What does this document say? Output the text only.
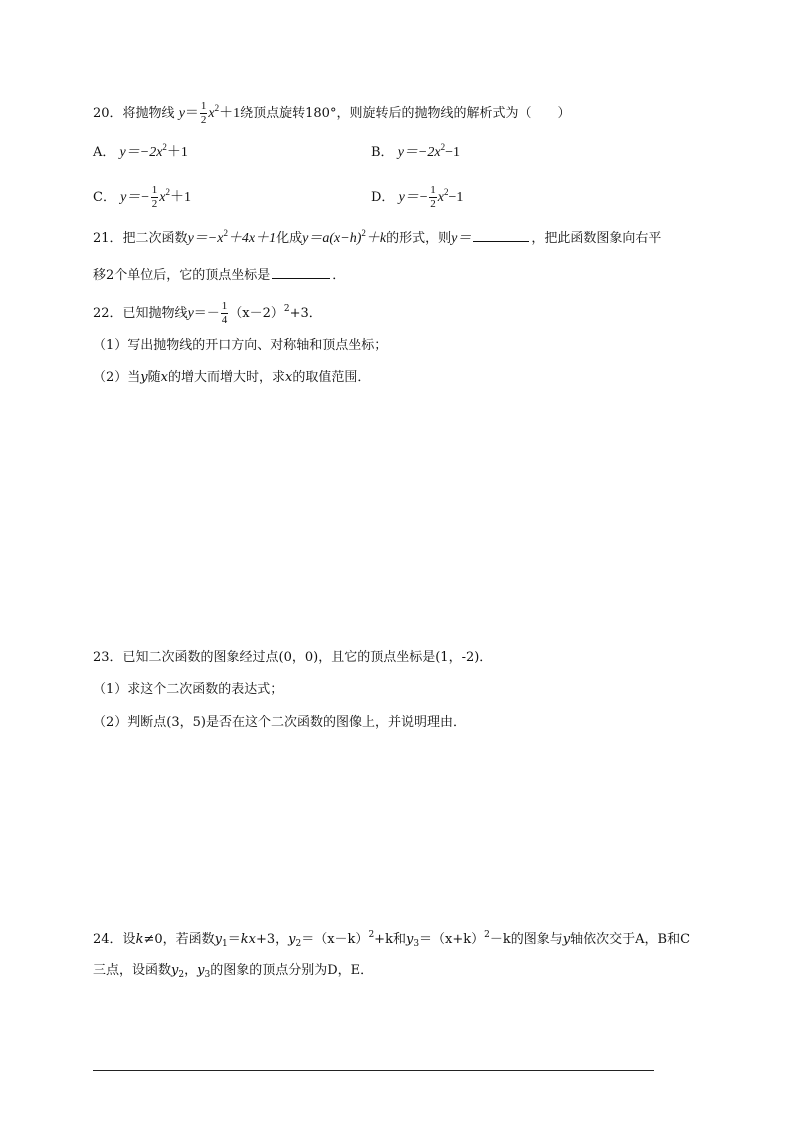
20．将抛物线 $y= \frac{1}{2} x^2+1$绕顶点旋转180°，则旋转后的抛物线的解析式为（　　）
A． $y=-2x^2+1$	B． $y=-2x^2-1$
C． $y=- \frac{1}{2} x^2+1$	D． $y=- \frac{1}{2} x^2-1$
21．把二次函数$y=-x^2+4x+1$化成$y=a(x-h)^2+k$的形式，则y＝	，把此函数图象向右平
移2个单位后，它的顶点坐标是	．
22．已知抛物线$y=- \frac{1}{4} (x-2)^2+3$．
（1）写出抛物线的开口方向、对称轴和顶点坐标；
（2）当y随x的增大而增大时，求x的取值范围．
23．已知二次函数的图象经过点(0，0)，且它的顶点坐标是(1，-2)．
（1）求这个二次函数的表达式；
（2）判断点(3，5)是否在这个二次函数的图像上，并说明理由．
24．设k≠0，若函数$y_1=kx+3$，$y_2=(x-k)^2+k$和$y_3=(x+k)^2-k$的图象与y轴依次交于A，B和C
三点，设函数$y_2$，$y_3$的图象的顶点分别为D，E．
